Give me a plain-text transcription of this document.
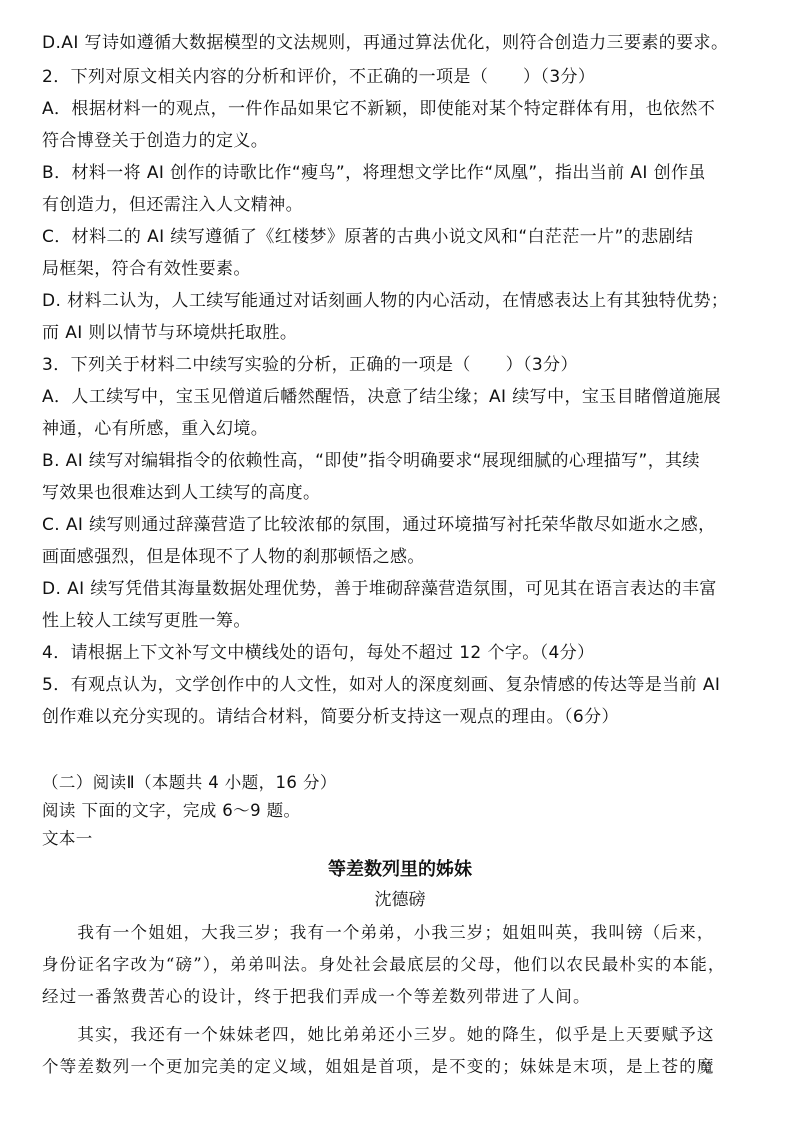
D.AI 写诗如遵循大数据模型的文法规则，再通过算法优化，则符合创造力三要素的要求。
2．下列对原文相关内容的分析和评价，不正确的一项是（　　）（3分）
A．根据材料一的观点，一件作品如果它不新颖，即使能对某个特定群体有用，也依然不
符合博登关于创造力的定义。
B．材料一将 AI 创作的诗歌比作“瘦鸟”，将理想文学比作“凤凰”，指出当前 AI 创作虽
有创造力，但还需注入人文精神。
C．材料二的 AI 续写遵循了《红楼梦》原著的古典小说文风和“白茫茫一片”的悲剧结
局框架，符合有效性要素。
D. 材料二认为，人工续写能通过对话刻画人物的内心活动，在情感表达上有其独特优势；
而 AI 则以情节与环境烘托取胜。
3．下列关于材料二中续写实验的分析，正确的一项是（　　）（3分）
A．人工续写中，宝玉见僧道后幡然醒悟，决意了结尘缘；AI 续写中，宝玉目睹僧道施展
神通，心有所感，重入幻境。
B. AI 续写对编辑指令的依赖性高，“即使”指令明确要求“展现细腻的心理描写”，其续
写效果也很难达到人工续写的高度。
C. AI 续写则通过辞藻营造了比较浓郁的氛围，通过环境描写衬托荣华散尽如逝水之感，
画面感强烈，但是体现不了人物的刹那顿悟之感。
D. AI 续写凭借其海量数据处理优势，善于堆砌辞藻营造氛围，可见其在语言表达的丰富
性上较人工续写更胜一筹。
4．请根据上下文补写文中横线处的语句，每处不超过 12 个字。（4分）
5．有观点认为，文学创作中的人文性，如对人的深度刻画、复杂情感的传达等是当前 AI
创作难以充分实现的。请结合材料，简要分析支持这一观点的理由。（6分）
（二）阅读Ⅱ（本题共 4 小题，16 分）
阅读 下面的文字，完成 6～9 题。
文本一
等差数列里的姊妹
沈德磅
　　我有一个姐姐，大我三岁；我有一个弟弟，小我三岁；姐姐叫英，我叫镑（后来，
身份证名字改为“磅”），弟弟叫法。身处社会最底层的父母，他们以农民最朴实的本能，
经过一番煞费苦心的设计，终于把我们弄成一个等差数列带进了人间。
　　其实，我还有一个妹妹老四，她比弟弟还小三岁。她的降生，似乎是上天要赋予这
个等差数列一个更加完美的定义域，姐姐是首项，是不变的；妹妹是末项，是上苍的魔
